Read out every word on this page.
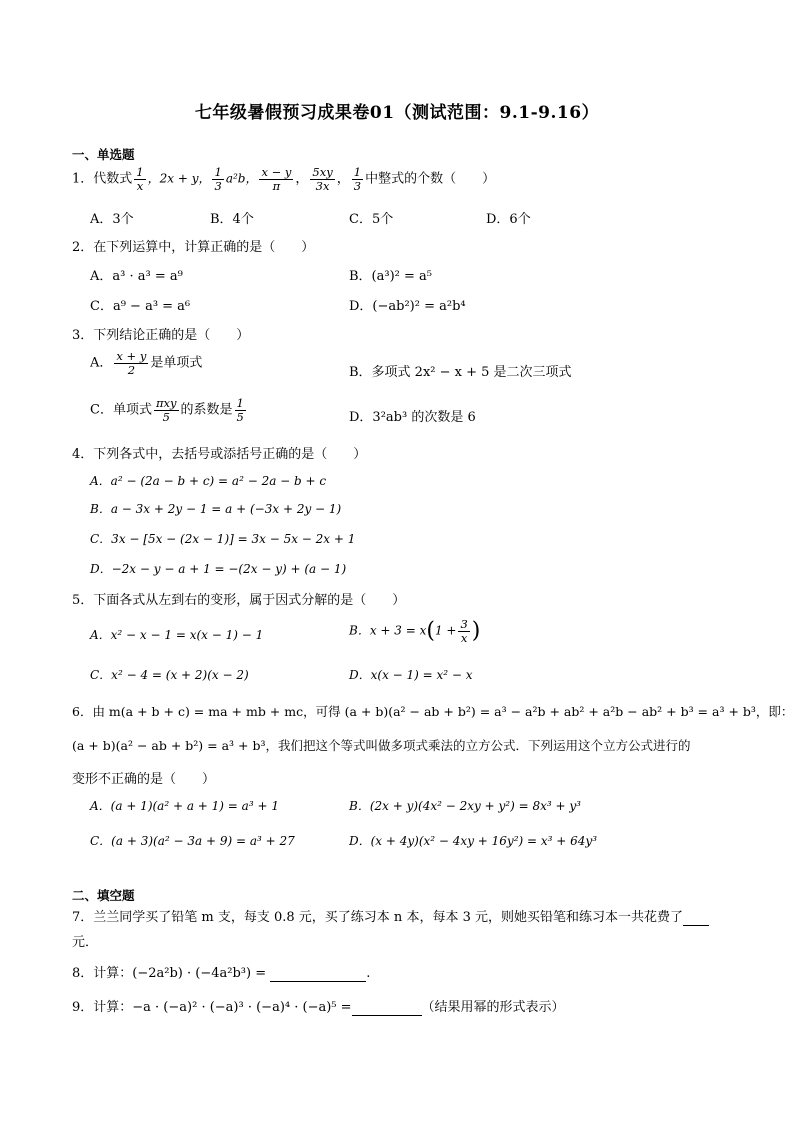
七年级暑假预习成果卷01（测试范围：9.1-9.16）
一、单选题
1．代数式 $\frac{1}{x}$ ，2x + y， $\frac{1}{3} a^2b$， $\frac{x - y}{\pi}$ ， $\frac{5xy}{3x}$ ， $\frac{1}{3}$ 中整式的个数（　　）
A．3个	B．4个	C．5个	D．6个
2．在下列运算中，计算正确的是（　　）
A．a³ · a³ = a⁹	B．(a³)² = a⁵
C．a⁹ − a³ = a⁶	D．(−ab²)² = a²b⁴
3．下列结论正确的是（　　）
A． $\frac{x + y}{2}$ 是单项式
B．多项式 2x² − x + 5 是二次三项式
C．单项式 $\frac{\text{πxy}}{5}$ 的系数是 $\frac{1}{5}$	D．3²ab³ 的次数是 6
4．下列各式中，去括号或添括号正确的是（　　）
A．a² − (2a − b + c) = a² − 2a − b + c
B．a − 3x + 2y − 1 = a + (−3x + 2y − 1)
C．3x − [5x − (2x − 1)] = 3x − 5x − 2x + 1
D．−2x − y − a + 1 = −(2x − y) + (a − 1)
5．下面各式从左到右的变形，属于因式分解的是（　　）
A．x² − x − 1 = x(x − 1) − 1	B．$x + 3 = x(1 + \frac{3}{x}$ )
C．x² − 4 = (x + 2)(x − 2)	D．x(x − 1) = x² − x
6．由 m(a + b + c) = ma + mb + mc，可得 (a + b)(a² − ab + b²) = a³ − a²b + ab² + a²b − ab² + b³ = a³ + b³，即：
(a + b)(a² − ab + b²) = a³ + b³，我们把这个等式叫做多项式乘法的立方公式．下列运用这个立方公式进行的
变形不正确的是（　　）
A．(a + 1)(a² + a + 1) = a³ + 1	B．(2x + y)(4x² − 2xy + y²) = 8x³ + y³
C．(a + 3)(a² − 3a + 9) = a³ + 27	D．(x + 4y)(x² − 4xy + 16y²) = x³ + 64y³
二、填空题
7．兰兰同学买了铅笔 m 支，每支 0.8 元，买了练习本 n 本，每本 3 元，则她买铅笔和练习本一共花费了
元．
8．计算：(−2a²b) · (−4a²b³) =	.
9．计算：−a · (−a)² · (−a)³ · (−a)⁴ · (−a)⁵ =	（结果用幂的形式表示）
